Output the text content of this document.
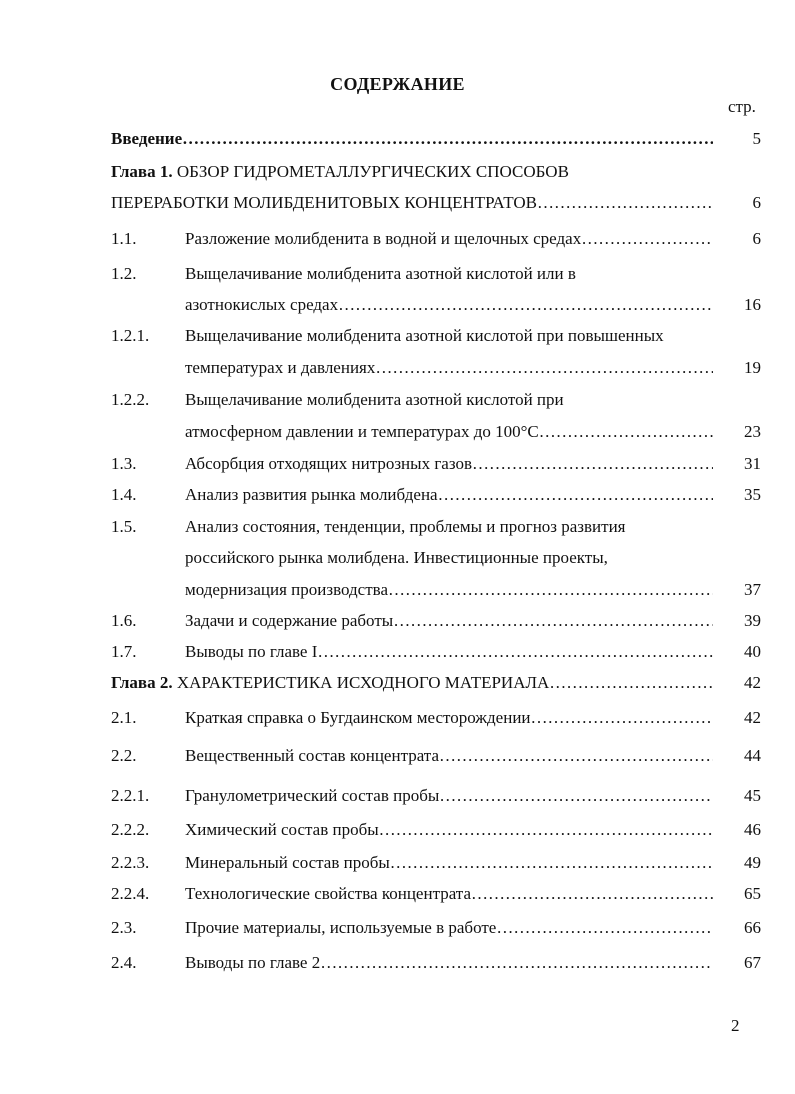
СОДЕРЖАНИЕ
стр.
Введение ………………………………………………………………………………………………………………………………………………	5
Глава 1. ОБЗОР ГИДРОМЕТАЛЛУРГИЧЕСКИХ СПОСОБОВ
ПЕРЕРАБОТКИ МОЛИБДЕНИТОВЫХ КОНЦЕНТРАТОВ ………………………………………………………………………………………………………………………………………………	6
1.1.	Разложение молибденита в водной и щелочных средах ………………………………………………………………………………………………………………………………………………	6
1.2.	Выщелачивание молибденита азотной кислотой или в
азотнокислых средах ………………………………………………………………………………………………………………………………………………	16
1.2.1. Выщелачивание молибденита азотной кислотой при повышенных
температурах и давлениях ………………………………………………………………………………………………………………………………………………	19
1.2.2. Выщелачивание молибденита азотной кислотой при
атмосферном давлении и температурах до 100°С ………………………………………………………………………………………………………………………………………………	23
1.3.	Абсорбция отходящих нитрозных газов ………………………………………………………………………………………………………………………………………………	31
1.4.	Анализ развития рынка молибдена ………………………………………………………………………………………………………………………………………………	35
1.5.	Анализ состояния, тенденции, проблемы и прогноз развития
российского рынка молибдена. Инвестиционные проекты,
модернизация производства ………………………………………………………………………………………………………………………………………………	37
1.6.	Задачи и содержание работы ………………………………………………………………………………………………………………………………………………	39
1.7.	Выводы по главе I ………………………………………………………………………………………………………………………………………………	40
Глава 2. ХАРАКТЕРИСТИКА ИСХОДНОГО МАТЕРИАЛА ………………………………………………………………………………………………………………………………………………	42
2.1.	Краткая справка о Бугдаинском месторождении ………………………………………………………………………………………………………………………………………………	42
2.2.	Вещественный состав концентрата ………………………………………………………………………………………………………………………………………………	44
2.2.1. Гранулометрический состав пробы ………………………………………………………………………………………………………………………………………………	45
2.2.2. Химический состав пробы ………………………………………………………………………………………………………………………………………………	46
2.2.3. Минеральный состав пробы ………………………………………………………………………………………………………………………………………………	49
2.2.4. Технологические свойства концентрата ………………………………………………………………………………………………………………………………………………	65
2.3.	Прочие материалы, используемые в работе ………………………………………………………………………………………………………………………………………………	66
2.4.	Выводы по главе 2 ………………………………………………………………………………………………………………………………………………	67
2
